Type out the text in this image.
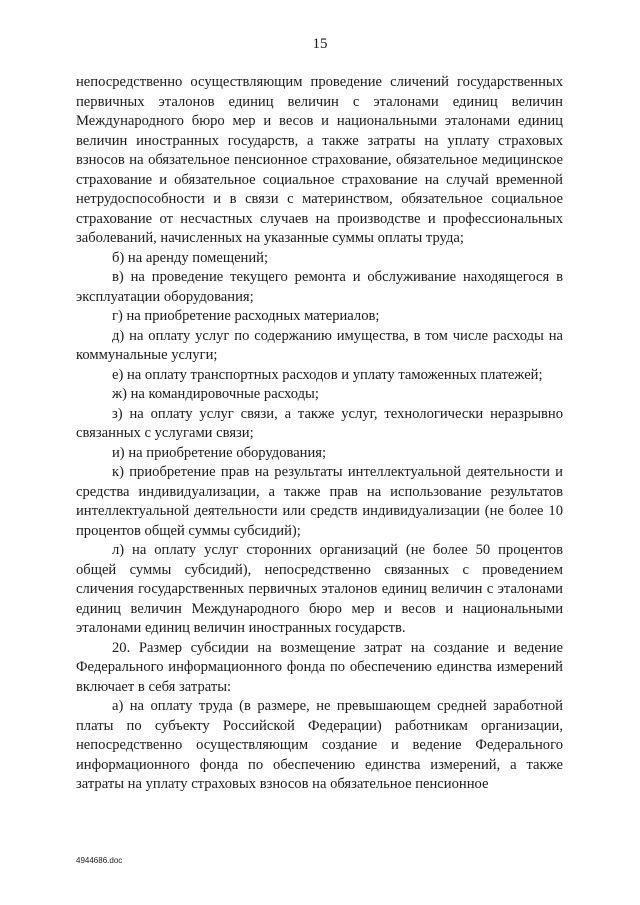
15

непосредственно осуществляющим проведение сличений государственных первичных эталонов единиц величин с эталонами единиц величин Международного бюро мер и весов и национальными эталонами единиц величин иностранных государств, а также затраты на уплату страховых взносов на обязательное пенсионное страхование, обязательное медицинское страхование и обязательное социальное страхование на случай временной нетрудоспособности и в связи с материнством, обязательное социальное страхование от несчастных случаев на производстве и профессиональных заболеваний, начисленных на указанные суммы оплаты труда;

б) на аренду помещений;

в) на проведение текущего ремонта и обслуживание находящегося в эксплуатации оборудования;

г) на приобретение расходных материалов;

д) на оплату услуг по содержанию имущества, в том числе расходы на коммунальные услуги;

е) на оплату транспортных расходов и уплату таможенных платежей;

ж) на командировочные расходы;

з) на оплату услуг связи, а также услуг, технологически неразрывно связанных с услугами связи;

и) на приобретение оборудования;

к) приобретение прав на результаты интеллектуальной деятельности и средства индивидуализации, а также прав на использование результатов интеллектуальной деятельности или средств индивидуализации (не более 10 процентов общей суммы субсидий);

л) на оплату услуг сторонних организаций (не более 50 процентов общей суммы субсидий), непосредственно связанных с проведением сличения государственных первичных эталонов единиц величин с эталонами единиц величин Международного бюро мер и весов и национальными эталонами единиц величин иностранных государств.

20. Размер субсидии на возмещение затрат на создание и ведение Федерального информационного фонда по обеспечению единства измерений включает в себя затраты:

а) на оплату труда (в размере, не превышающем средней заработной платы по субъекту Российской Федерации) работникам организации, непосредственно осуществляющим создание и ведение Федерального информационного фонда по обеспечению единства измерений, а также затраты на уплату страховых взносов на обязательное пенсионное

4944686.doc
